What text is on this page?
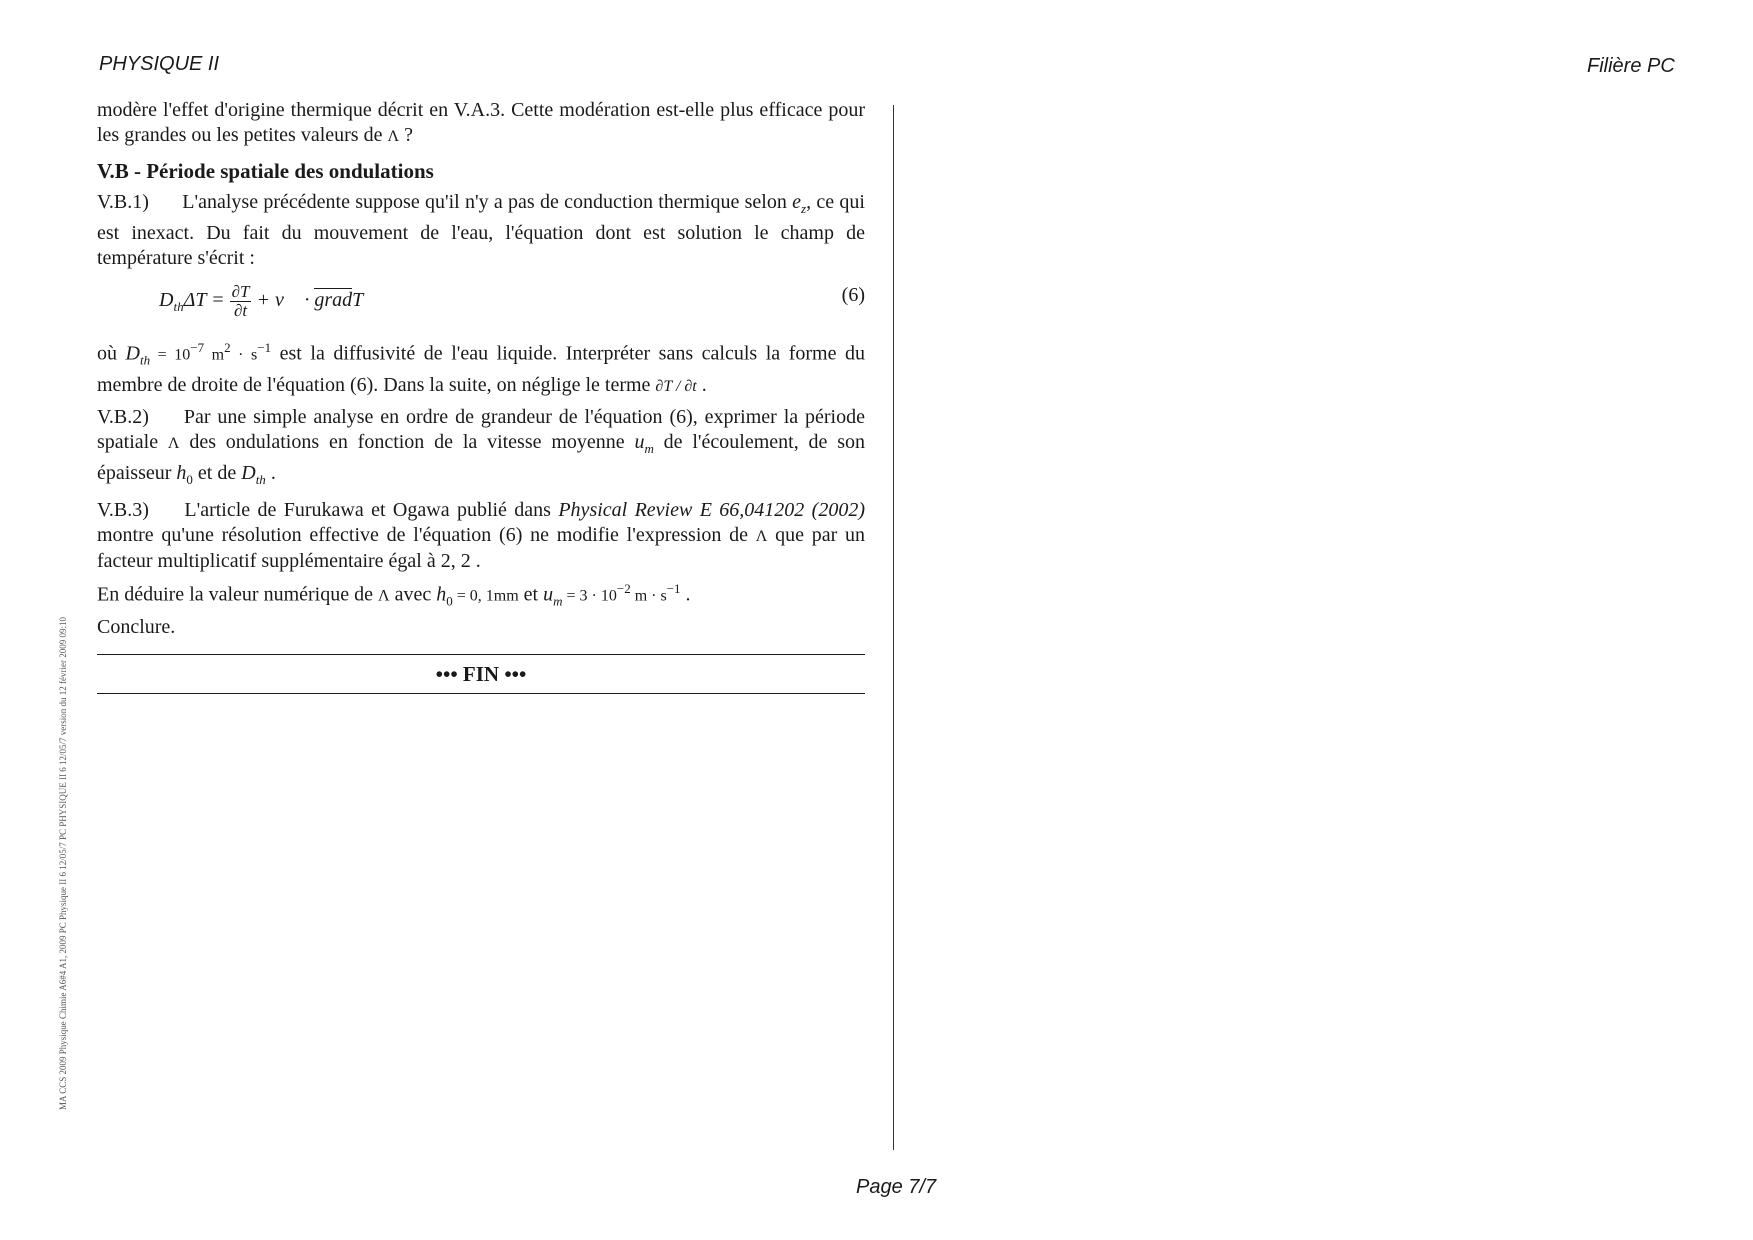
PHYSIQUE II	Filière PC
MA CCS 2009 Physique Chimie A6#4 A1, 2009 PC Physique II 6 12/05/7 PC PHYSIQUE II 6 12/05/7 version du 12 février 2009 09:10

modère l'effet d'origine thermique décrit en V.A.3. Cette modération est-elle plus efficace pour les grandes ou les petites valeurs de Λ ?

V.B - Période spatiale des ondulations

V.B.1) L'analyse précédente suppose qu'il n'y a pas de conduction thermique selon $e_z$, ce qui est inexact. Du fait du mouvement de l'eau, l'équation dont est solution le champ de température s'écrit :

$D_{th}\Delta T = \frac{\partial T}{\partial t}$ + v⃗ · gradT	(6)

où $D_{th} = 10^{-7}$ $m^2 \cdot s^{-1}$ est la diffusivité de l'eau liquide. Interpréter sans calculs la forme du membre de droite de l'équation (6). Dans la suite, on néglige le terme ∂T / ∂t .

V.B.2) Par une simple analyse en ordre de grandeur de l'équation (6), exprimer la période spatiale Λ des ondulations en fonction de la vitesse moyenne $u_m$ de l'écoulement, de son épaisseur $h_0$ et de $D_{th}$ .

V.B.3) L'article de Furukawa et Ogawa publié dans Physical Review E 66,041202 (2002) montre qu'une résolution effective de l'équation (6) ne modifie l'expression de Λ que par un facteur multiplicatif supplémentaire égal à 2, 2 .

En déduire la valeur numérique de Λ avec $h_0 = 0$, 1mm et $u_m = 3 \cdot 10^{-2}$ $m \cdot s^{-1}$ .

Conclure.

••• FIN •••
Page 7/7
